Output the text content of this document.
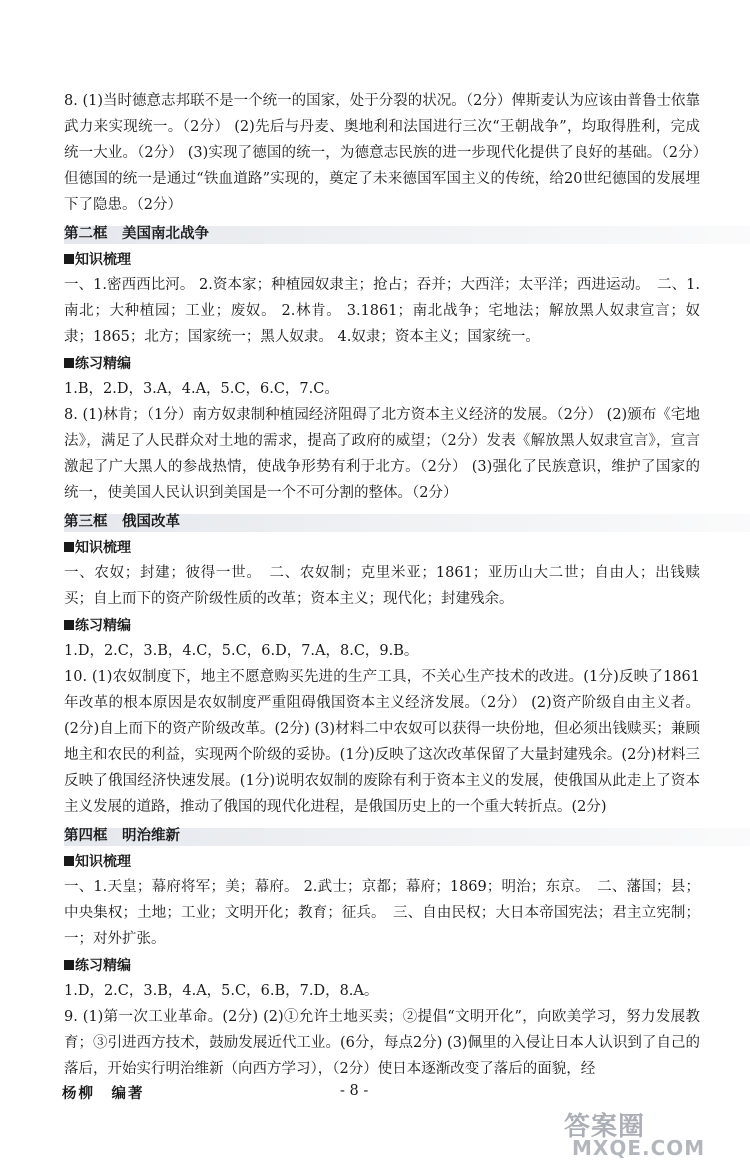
8. (1)当时德意志邦联不是一个统一的国家，处于分裂的状况。（2分）俾斯麦认为应该由普鲁士依靠武力来实现统一。（2分） (2)先后与丹麦、奥地利和法国进行三次“王朝战争”，均取得胜利，完成统一大业。（2分） (3)实现了德国的统一，为德意志民族的进一步现代化提供了良好的基础。（2分）但德国的统一是通过“铁血道路”实现的，奠定了未来德国军国主义的传统，给20世纪德国的发展埋下了隐患。（2分）

第二框　美国南北战争
知识梳理

一、1.密西西比河。 2.资本家；种植园奴隶主；抢占；吞并；大西洋；太平洋；西进运动。　二、1.南北；大种植园；工业；废奴。 2.林肯。 3.1861；南北战争；宅地法；解放黑人奴隶宣言；奴隶；1865；北方；国家统一；黑人奴隶。 4.奴隶；资本主义；国家统一。

练习精编

1.B，2.D，3.A，4.A，5.C，6.C，7.C。

8. (1)林肯；（1分）南方奴隶制种植园经济阻碍了北方资本主义经济的发展。（2分） (2)颁布《宅地法》，满足了人民群众对土地的需求，提高了政府的威望；（2分）发表《解放黑人奴隶宣言》，宣言激起了广大黑人的参战热情，使战争形势有利于北方。（2分） (3)强化了民族意识，维护了国家的统一，使美国人民认识到美国是一个不可分割的整体。（2分）

第三框　俄国改革
知识梳理

一、农奴；封建；彼得一世。　二、农奴制；克里米亚；1861；亚历山大二世；自由人；出钱赎买；自上而下的资产阶级性质的改革；资本主义；现代化；封建残余。

练习精编

1.D，2.C，3.B，4.C，5.C，6.D，7.A，8.C，9.B。

10. (1)农奴制度下，地主不愿意购买先进的生产工具，不关心生产技术的改进。(1分)反映了1861年改革的根本原因是农奴制度严重阻碍俄国资本主义经济发展。（2分） (2)资产阶级自由主义者。(2分)自上而下的资产阶级改革。(2分) (3)材料二中农奴可以获得一块份地，但必须出钱赎买；兼顾地主和农民的利益，实现两个阶级的妥协。(1分)反映了这次改革保留了大量封建残余。(2分)材料三反映了俄国经济快速发展。(1分)说明农奴制的废除有利于资本主义的发展，使俄国从此走上了资本主义发展的道路，推动了俄国的现代化进程，是俄国历史上的一个重大转折点。(2分)

第四框　明治维新
知识梳理

一、1.天皇；幕府将军；美；幕府。 2.武士；京都；幕府；1869；明治；东京。　二、藩国；县；中央集权；土地；工业；文明开化；教育；征兵。　三、自由民权；大日本帝国宪法；君主立宪制；一；对外扩张。

练习精编

1.D，2.C，3.B，4.A，5.C，6.B，7.D，8.A。

9. (1)第一次工业革命。(2分) (2)①允许土地买卖；②提倡“文明开化”，向欧美学习，努力发展教育；③引进西方技术，鼓励发展近代工业。(6分，每点2分) (3)佩里的入侵让日本人认识到了自己的落后，开始实行明治维新（向西方学习），（2分）使日本逐渐改变了落后的面貌，经

杨柳　编著	- 8 -
答案圈
MXQE.COM
